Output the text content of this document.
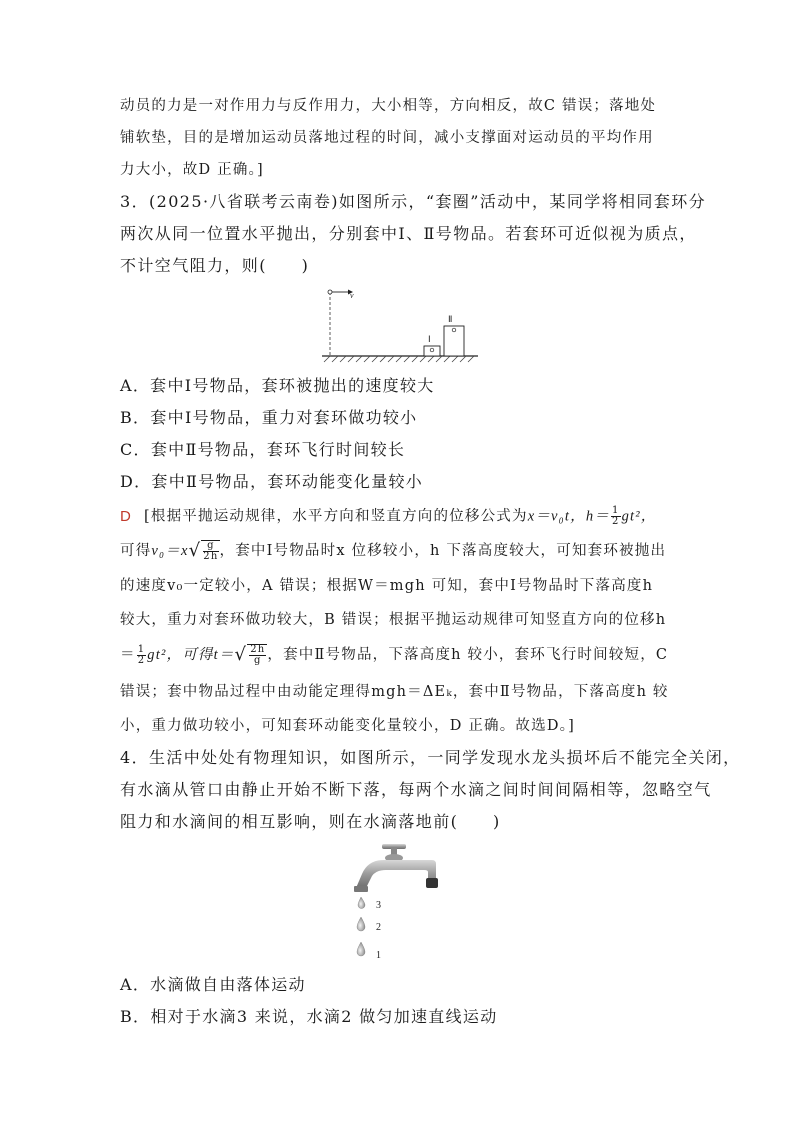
动员的力是一对作用力与反作用力，大小相等，方向相反，故C 错误；落地处
铺软垫，目的是增加运动员落地过程的时间，减小支撑面对运动员的平均作用
力大小，故D 正确。]
3．(2025·八省联考云南卷)如图所示，“套圈”活动中，某同学将相同套环分
两次从同一位置水平抛出，分别套中Ⅰ、Ⅱ号物品。若套环可近似视为质点，
不计空气阻力，则(　　)
v
Ⅰ
Ⅱ
A．套中Ⅰ号物品，套环被抛出的速度较大
B．套中Ⅰ号物品，重力对套环做功较小
C．套中Ⅱ号物品，套环飞行时间较长
D．套中Ⅱ号物品，套环动能变化量较小
D [根据平抛运动规律，水平方向和竖直方向的位移公式为x＝v₀t，$h= \frac{1}{2} gt^2$，
可得$v_0=x√ \frac{g}{2h}$ ，套中Ⅰ号物品时x 位移较小，h 下落高度较大，可知套环被抛出
的速度v₀一定较小，A 错误；根据W＝mgh 可知，套中Ⅰ号物品时下落高度h
较大，重力对套环做功较大，B 错误；根据平抛运动规律可知竖直方向的位移h
＝ $\frac{1}{2} gt^2$，可得$t=√ \frac{2h}{g}$ ，套中Ⅱ号物品，下落高度h 较小，套环飞行时间较短，C
错误；套中物品过程中由动能定理得mgh＝ΔEₖ，套中Ⅱ号物品，下落高度h 较
小，重力做功较小，可知套环动能变化量较小，D 正确。故选D。]
4．生活中处处有物理知识，如图所示，一同学发现水龙头损坏后不能完全关闭，
有水滴从管口由静止开始不断下落，每两个水滴之间时间间隔相等，忽略空气
阻力和水滴间的相互影响，则在水滴落地前(　　)
3
2
1
A．水滴做自由落体运动
B．相对于水滴3 来说，水滴2 做匀加速直线运动
